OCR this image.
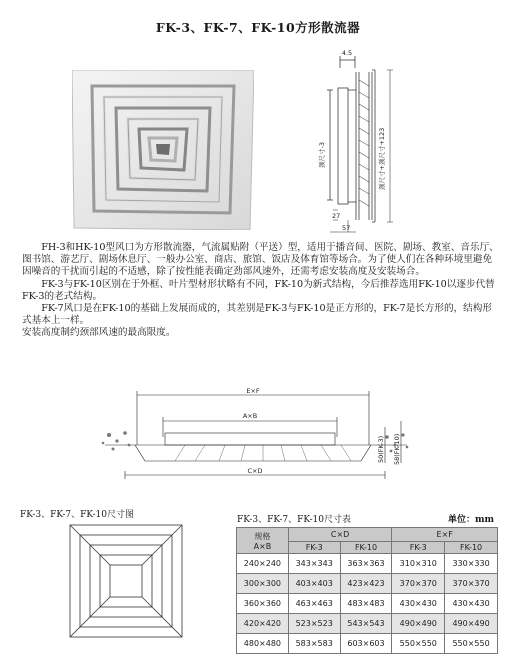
FK-3、FK-7、FK-10方形散流器
4.5
颈尺寸-3	颈尺寸+颈尺寸+123
27
57

FH-3和HK-10型风口为方形散流器，气流属贴附（平送）型，适用于播音间、医院、剧场、教室、音乐厅、图书馆、游艺厅、剧场休息厅、一般办公室、商店、旅馆、饭店及体育馆等场合。为了使人们在各种环境里避免因噪音的干扰而引起的不适感，除了按性能表确定劲部风速外，还需考虑安装高度及安装场合。

FK-3与FK-10区别在于外框、叶片型材形状略有不同，FK-10为新式结构，今后推荐选用FK-10以逐步代替FK-3的老式结构。

FK-7风口是在FK-10的基础上发展而成的，其差别是FK-3与FK-10是正方形的，FK-7是长方形的，结构形式基本上一样。

安装高度制约颈部风速的最高限度。

E×F
A×B
C×D
50(FK-3) 58(FK-10)
FK-3、FK-7、FK-10尺寸图	FK-3、FK-7、FK-10尺寸表	单位：mm
规格
A×B	C×D		E×F	
	FK-3	FK-10	FK-3	FK-10
240×240	343×343	363×363	310×310	330×330
300×300	403×403	423×423	370×370	370×370
360×360	463×463	483×483	430×430	430×430
420×420	523×523	543×543	490×490	490×490
480×480	583×583	603×603	550×550	550×550
